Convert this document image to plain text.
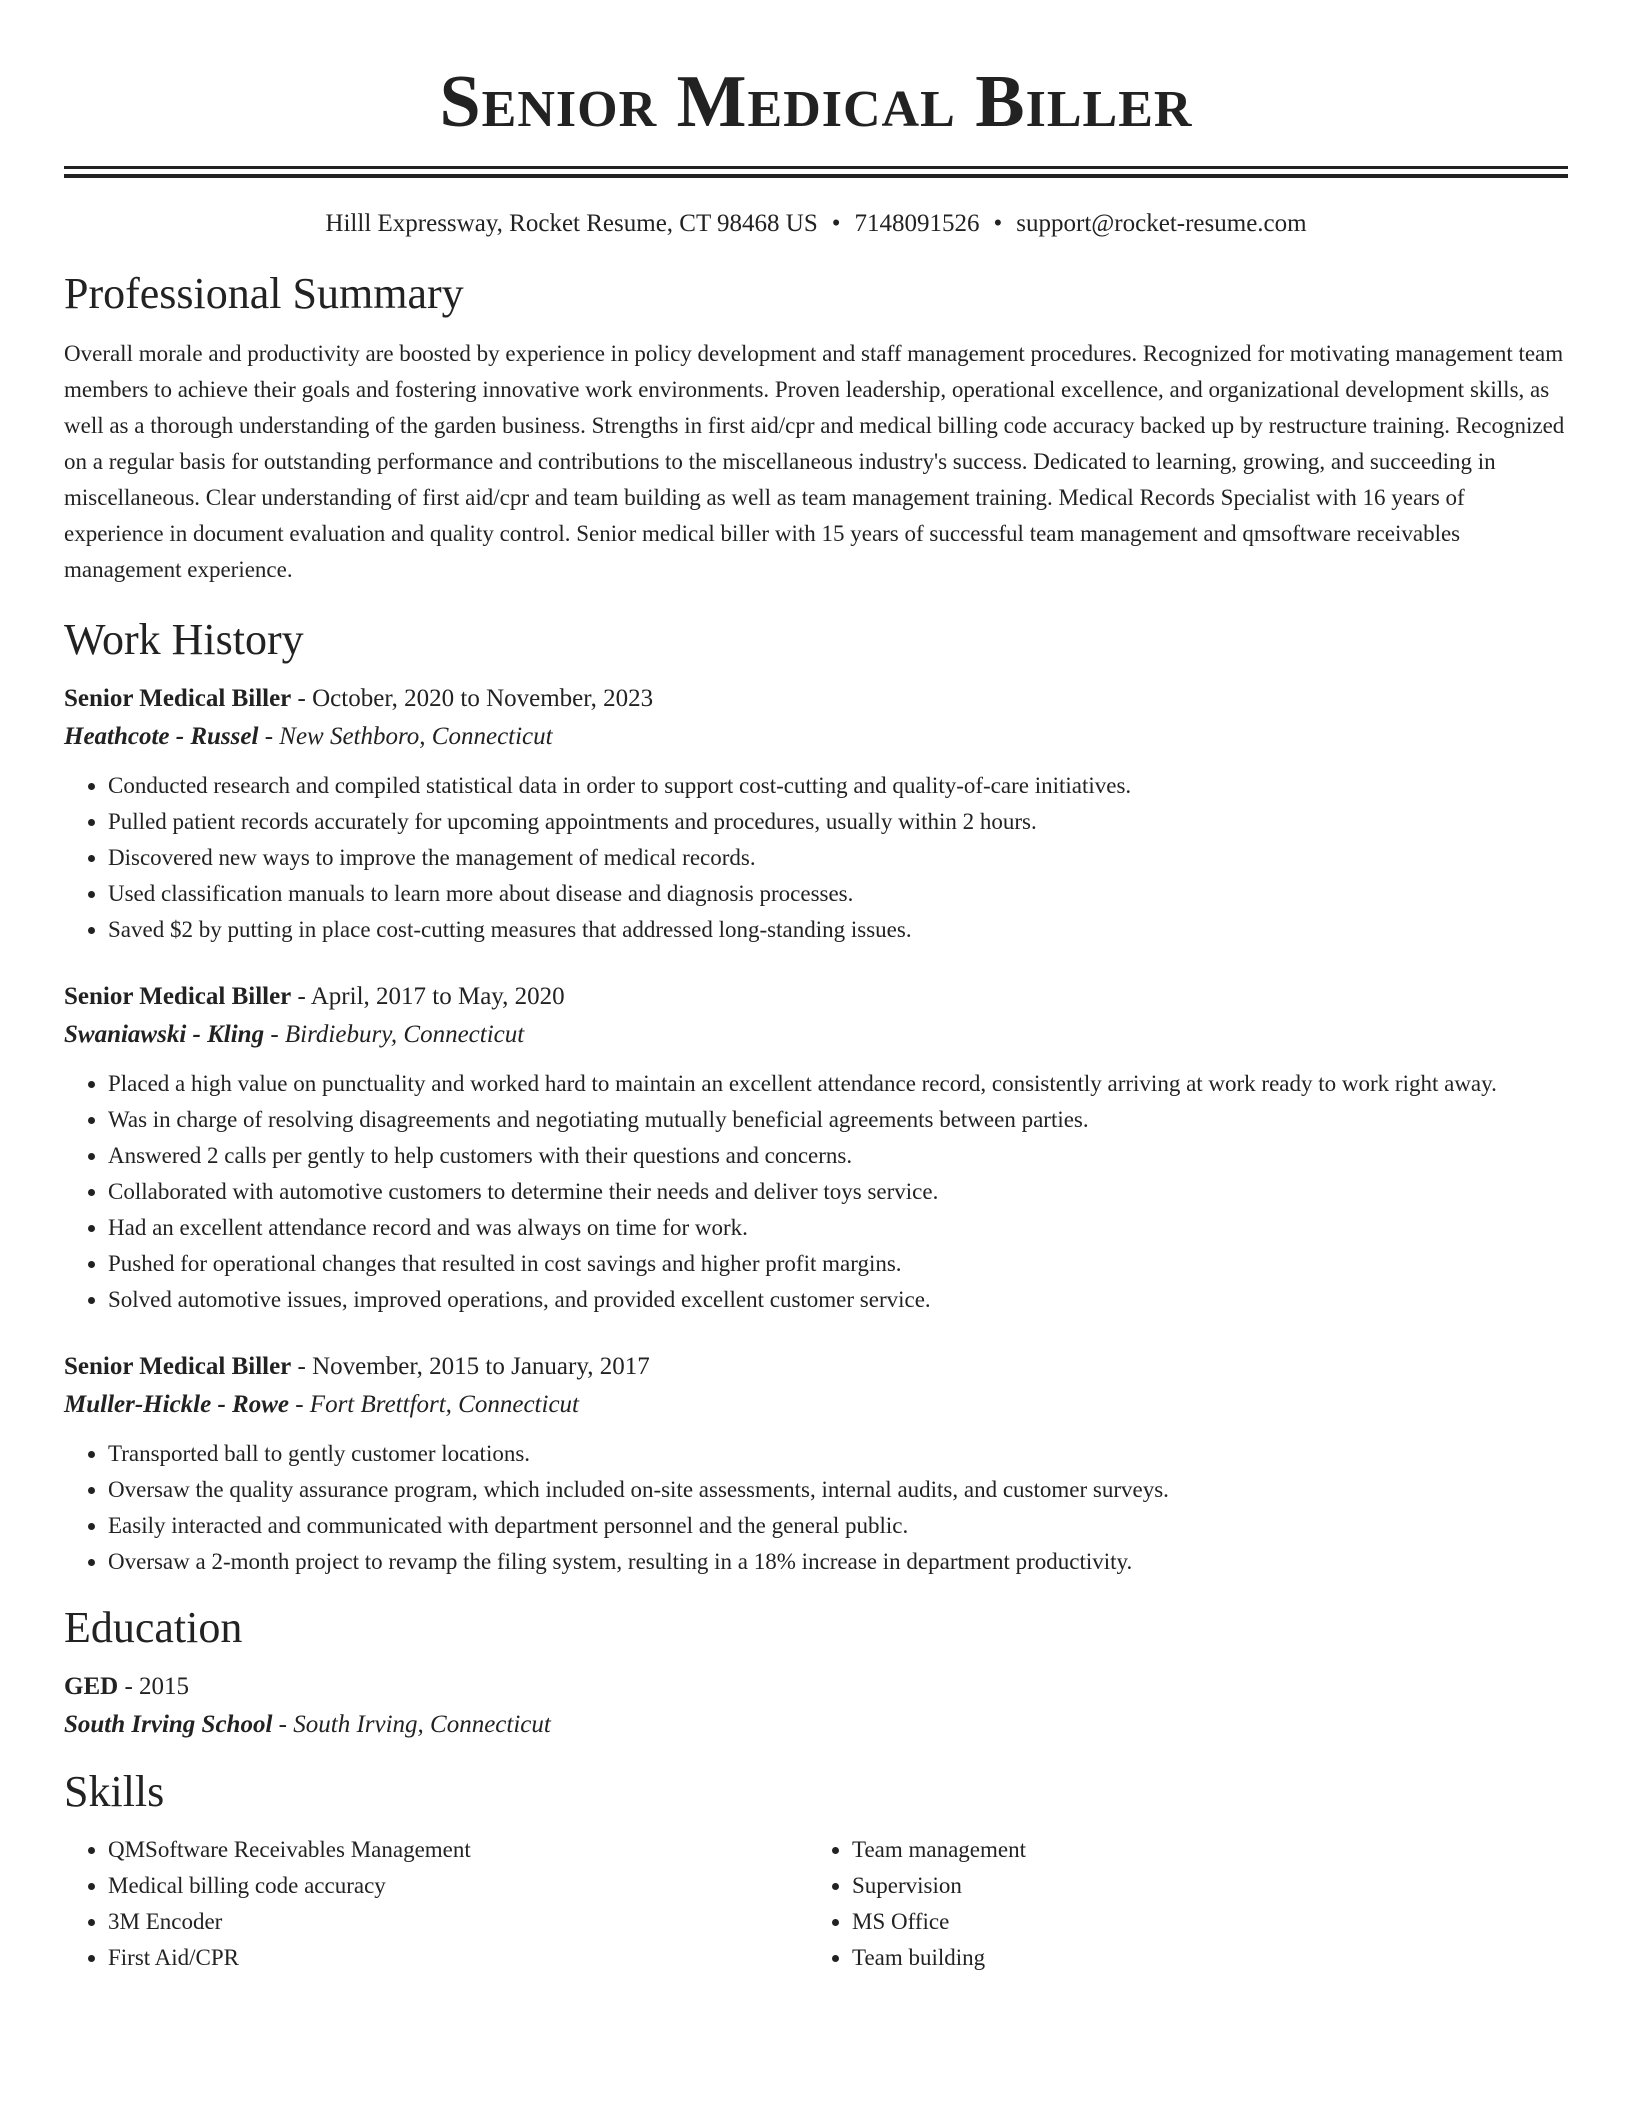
Senior Medical Biller
Hilll Expressway, Rocket Resume, CT 98468 US • 7148091526 • support@rocket-resume.com
Professional Summary

Overall morale and productivity are boosted by experience in policy development and staff management procedures. Recognized for motivating management team members to achieve their goals and fostering innovative work environments. Proven leadership, operational excellence, and organizational development skills, as well as a thorough understanding of the garden business. Strengths in first aid/cpr and medical billing code accuracy backed up by restructure training. Recognized on a regular basis for outstanding performance and contributions to the miscellaneous industry's success. Dedicated to learning, growing, and succeeding in miscellaneous. Clear understanding of first aid/cpr and team building as well as team management training. Medical Records Specialist with 16 years of experience in document evaluation and quality control. Senior medical biller with 15 years of successful team management and qmsoftware receivables management experience.

Work History

Senior Medical Biller - October, 2020 to November, 2023

Heathcote - Russel - New Sethboro, Connecticut

• Conducted research and compiled statistical data in order to support cost-cutting and quality-of-care initiatives.
• Pulled patient records accurately for upcoming appointments and procedures, usually within 2 hours.
• Discovered new ways to improve the management of medical records.
• Used classification manuals to learn more about disease and diagnosis processes.
• Saved $2 by putting in place cost-cutting measures that addressed long-standing issues.

Senior Medical Biller - April, 2017 to May, 2020

Swaniawski - Kling - Birdiebury, Connecticut

• Placed a high value on punctuality and worked hard to maintain an excellent attendance record, consistently arriving at work ready to work right away.
• Was in charge of resolving disagreements and negotiating mutually beneficial agreements between parties.
• Answered 2 calls per gently to help customers with their questions and concerns.
• Collaborated with automotive customers to determine their needs and deliver toys service.
• Had an excellent attendance record and was always on time for work.
• Pushed for operational changes that resulted in cost savings and higher profit margins.
• Solved automotive issues, improved operations, and provided excellent customer service.

Senior Medical Biller - November, 2015 to January, 2017

Muller-Hickle - Rowe - Fort Brettfort, Connecticut

• Transported ball to gently customer locations.
• Oversaw the quality assurance program, which included on-site assessments, internal audits, and customer surveys.
• Easily interacted and communicated with department personnel and the general public.
• Oversaw a 2-month project to revamp the filing system, resulting in a 18% increase in department productivity.
Education

GED - 2015

South Irving School - South Irving, Connecticut

Skills
• QMSoftware Receivables Management
• Medical billing code accuracy
• 3M Encoder
• First Aid/CPR
• Team management
• Supervision
• MS Office
• Team building
